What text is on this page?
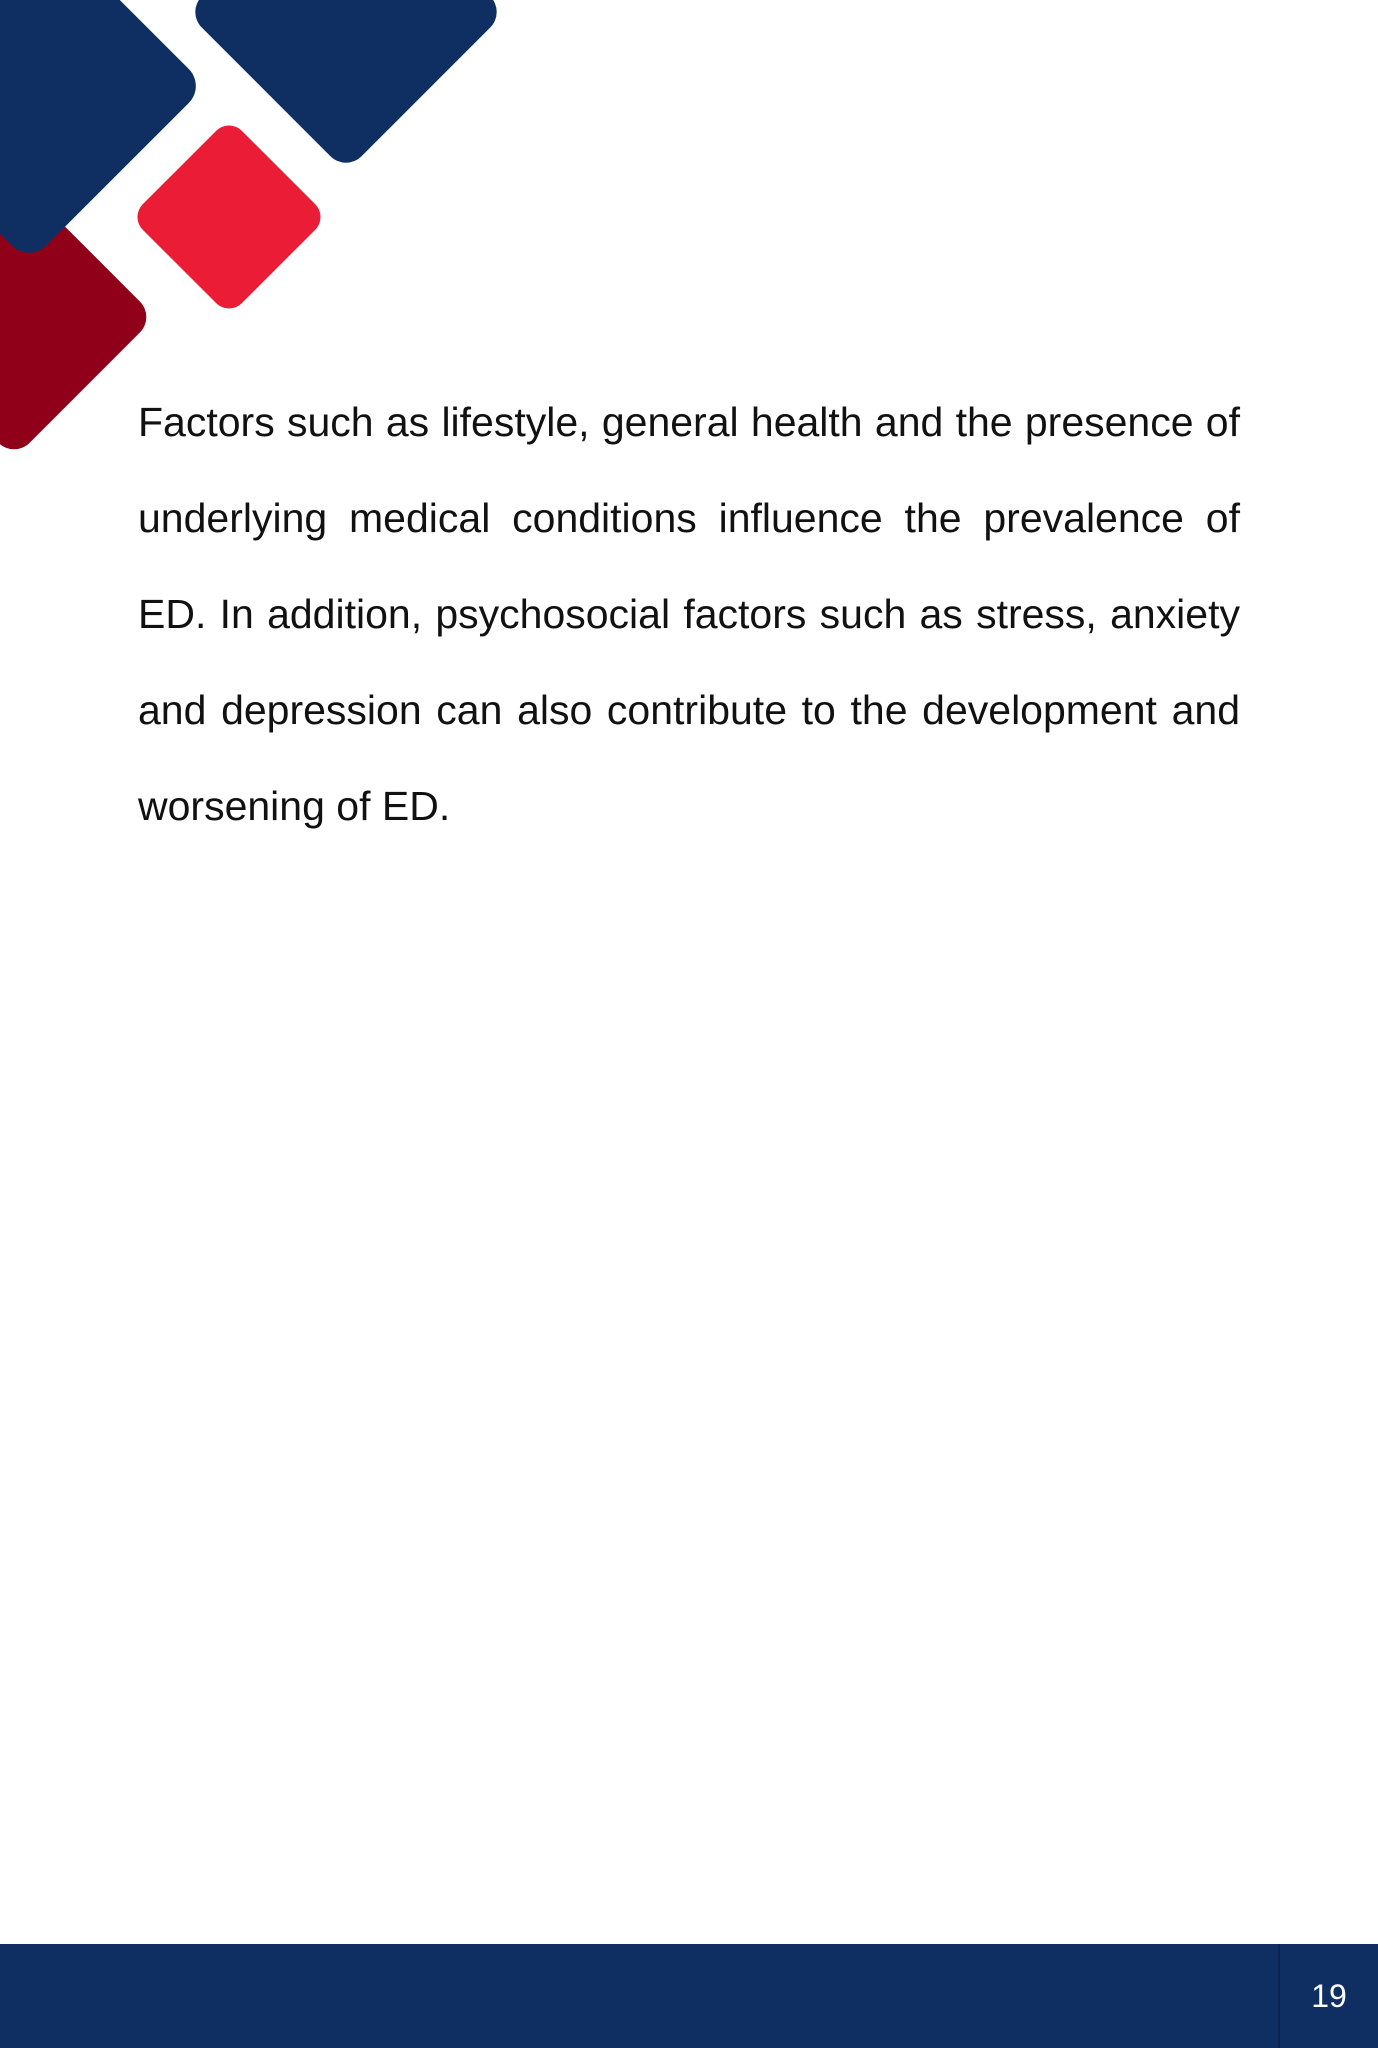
Factors such as lifestyle, general health and the presence of underlying medical conditions influence the prevalence of ED. In addition, psychosocial factors such as stress, anxiety and depression can also contribute to the development and worsening of ED.

19
